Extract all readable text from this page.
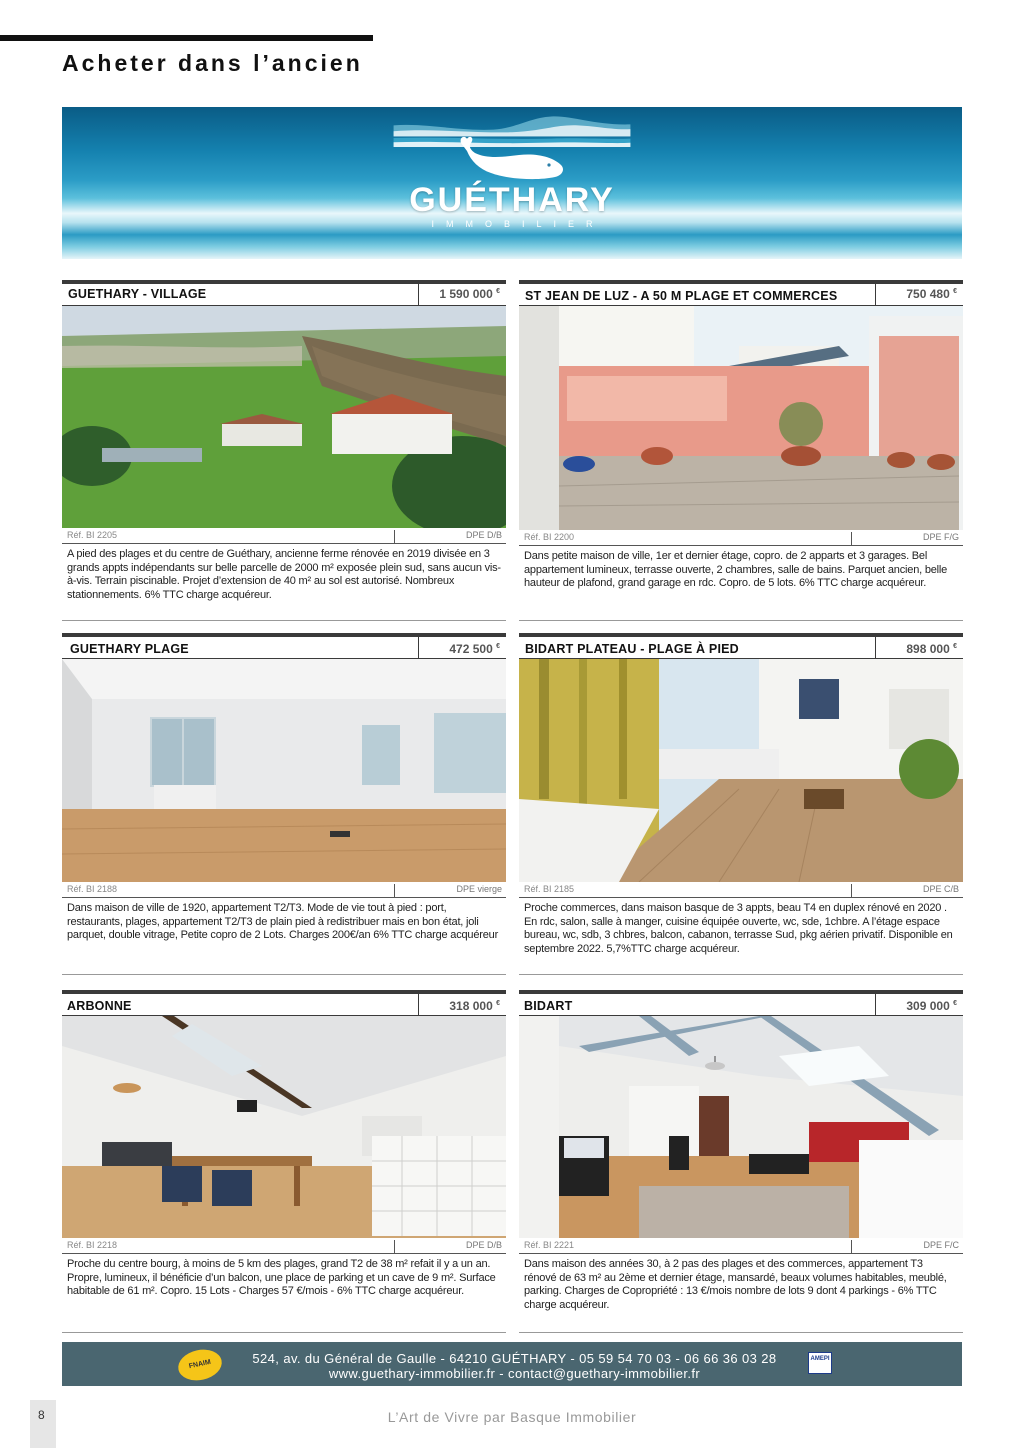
Acheter dans l’ancien
GUÉTHARY
IMMOBILIER
GUETHARY - VILLAGE	1 590 000 €
Réf. BI 2205	DPE D/B
A pied des plages et du centre de Guéthary, ancienne ferme rénovée en 2019 divisée en 3 grands appts indépendants sur belle parcelle de 2000 m² exposée plein sud, sans aucun vis-à-vis. Terrain piscinable. Projet d’extension de 40 m² au sol est autorisé. Nombreux stationnements. 6% TTC charge acquéreur.
ST JEAN DE LUZ - A 50 M PLAGE ET COMMERCES	750 480 €
Réf. BI 2200	DPE F/G
Dans petite maison de ville, 1er et dernier étage, copro. de 2 apparts et 3 garages. Bel appartement lumineux, terrasse ouverte, 2 chambres, salle de bains. Parquet ancien, belle hauteur de plafond, grand garage en rdc. Copro. de 5 lots. 6% TTC charge acquéreur.
GUETHARY PLAGE	472 500 €
Réf. BI 2188	DPE vierge
Dans maison de ville de 1920, appartement T2/T3. Mode de vie tout à pied : port, restaurants, plages, appartement T2/T3 de plain pied à redistribuer mais en bon état, joli parquet, double vitrage, Petite copro de 2 Lots. Charges 200€/an 6% TTC charge acquéreur
BIDART PLATEAU - PLAGE À PIED	898 000 €
Réf. BI 2185	DPE C/B
Proche commerces, dans maison basque de 3 appts, beau T4 en duplex rénové en 2020 . En rdc, salon, salle à manger, cuisine équipée ouverte, wc, sde, 1chbre. A l’étage espace bureau, wc, sdb, 3 chbres, balcon, cabanon, terrasse Sud, pkg aérien privatif. Disponible en septembre 2022. 5,7%TTC charge acquéreur.
ARBONNE	318 000 €
Réf. BI 2218	DPE D/B
Proche du centre bourg, à moins de 5 km des plages, grand T2 de 38 m² refait il y a un an. Propre, lumineux, il bénéficie d’un balcon, une place de parking et un cave de 9 m². Surface habitable de 61 m². Copro. 15 Lots - Charges 57 €/mois - 6% TTC charge acquéreur.
BIDART	309 000 €
Réf. BI 2221	DPE F/C
Dans maison des années 30, à 2 pas des plages et des commerces, appartement T3 rénové de 63 m² au 2ème et dernier étage, mansardé, beaux volumes habitables, meublé, parking. Charges de Copropriété : 13 €/mois nombre de lots 9 dont 4 parkings - 6% TTC charge acquéreur.
FNAIM	524, av. du Général de Gaulle - 64210 GUÉTHARY - 05 59 54 70 03 - 06 66 36 03 28
www.guethary-immobilier.fr - contact@guethary-immobilier.fr
AMEPI
8	L’Art de Vivre par Basque Immobilier
